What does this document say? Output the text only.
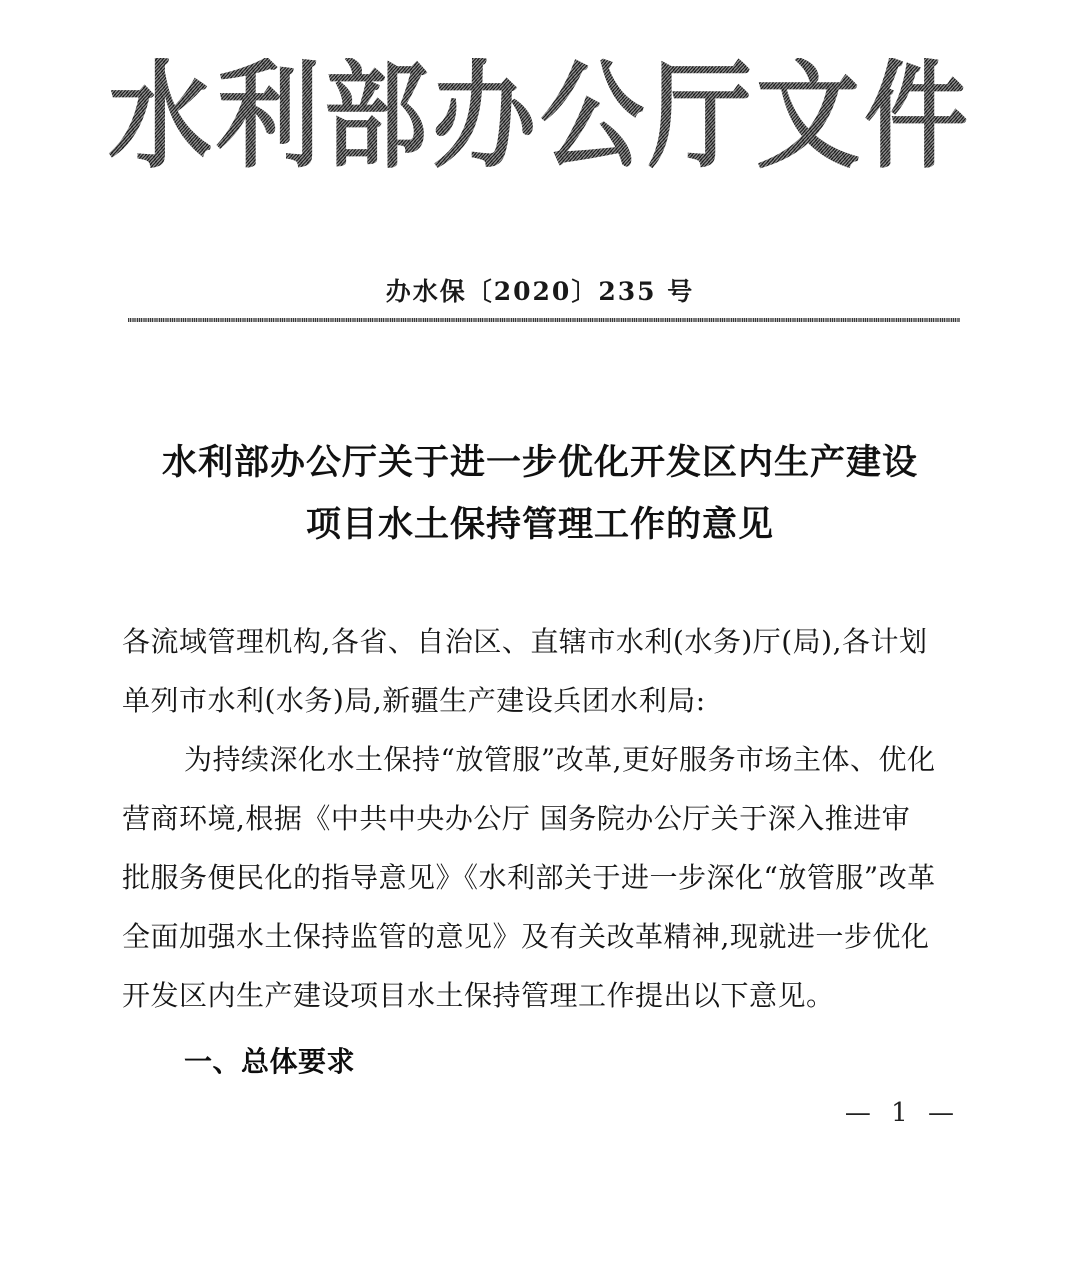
水利部办公厅文件
办水保〔2020〕235 号
水利部办公厅关于进一步优化开发区内生产建设
项目水土保持管理工作的意见
各流域管理机构,各省、自治区、直辖市水利(水务)厅(局),各计划
单列市水利(水务)局,新疆生产建设兵团水利局:
为持续深化水土保持“放管服”改革,更好服务市场主体、优化
营商环境,根据《中共中央办公厅 国务院办公厅关于深入推进审
批服务便民化的指导意见》《水利部关于进一步深化“放管服”改革
全面加强水土保持监管的意见》及有关改革精神,现就进一步优化
开发区内生产建设项目水土保持管理工作提出以下意见。
一、总体要求
— 1 —
